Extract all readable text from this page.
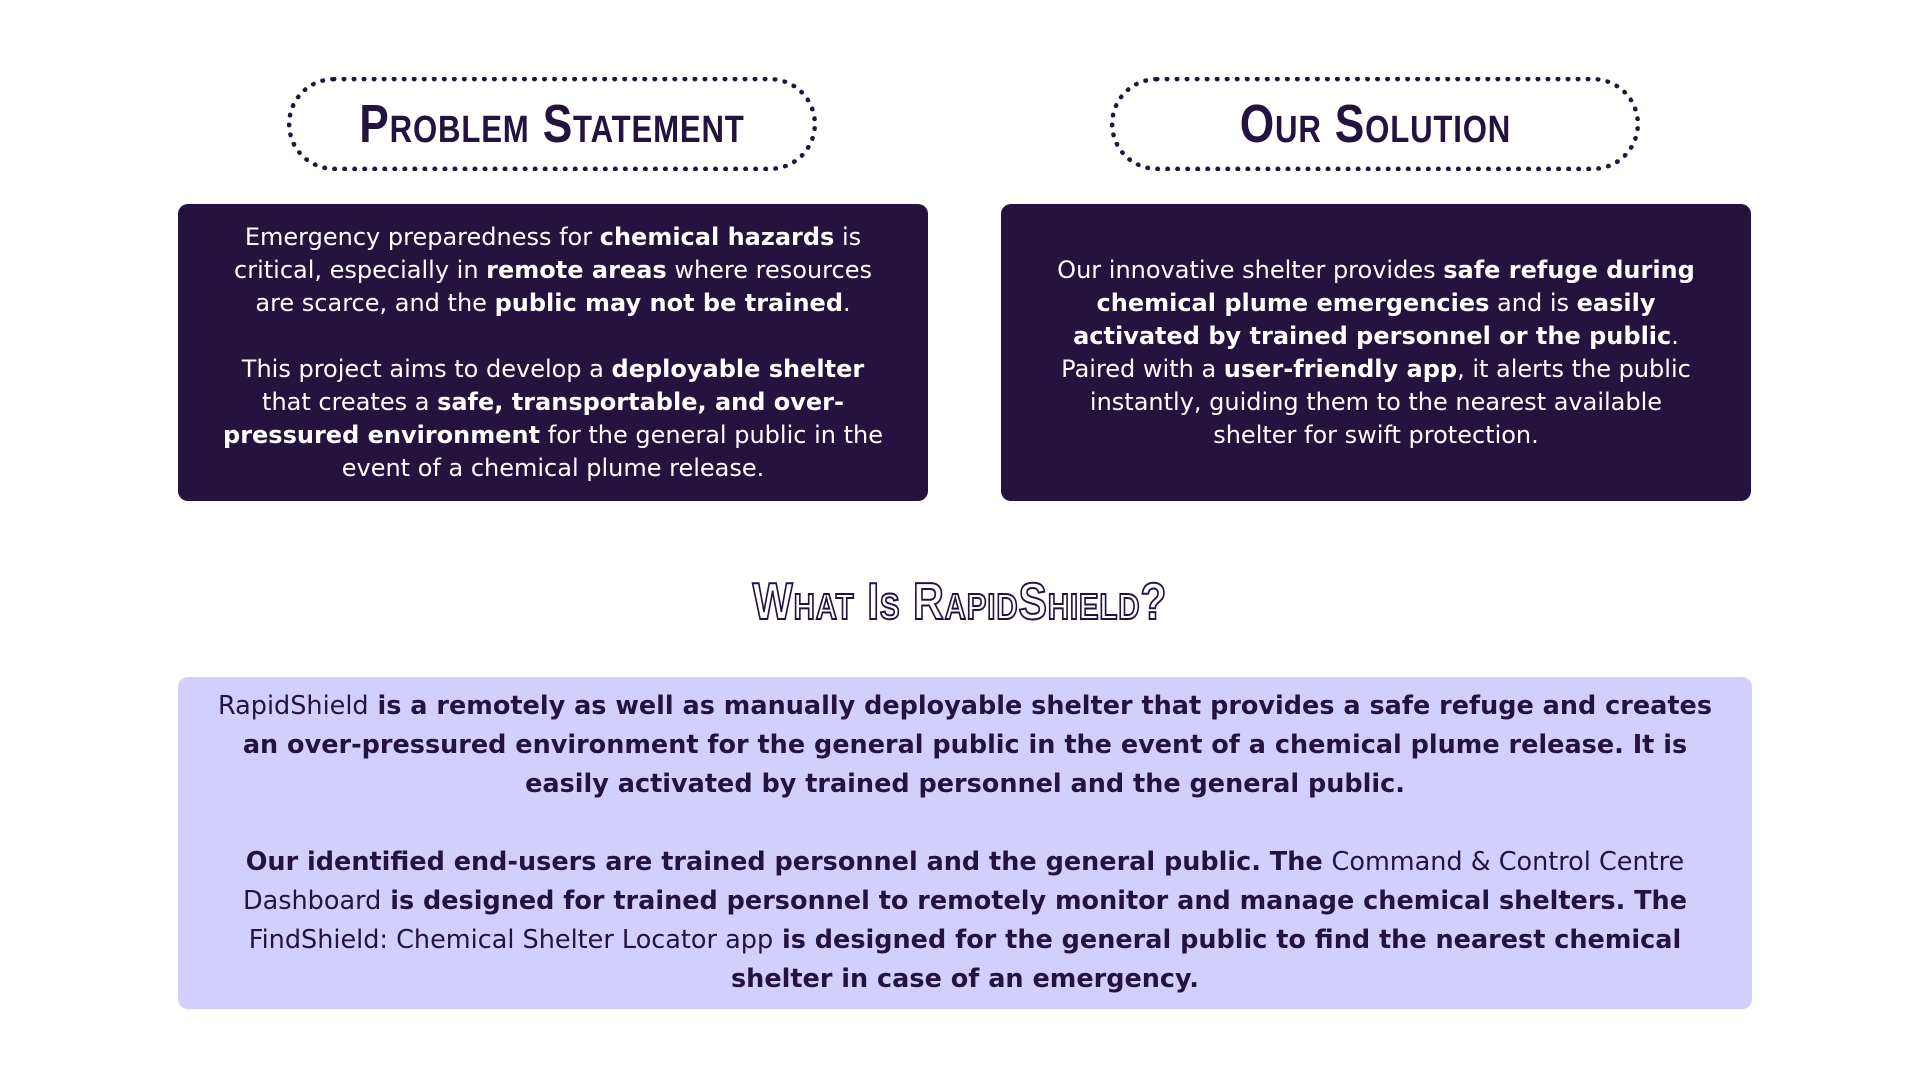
Problem Statement	Our Solution

Emergency preparedness for chemical hazards is critical, especially in remote areas where resources are scarce, and the public may not be trained.

This project aims to develop a deployable shelter that creates a safe, transportable, and over-pressured environment for the general public in the event of a chemical plume release.

Our innovative shelter provides safe refuge during chemical plume emergencies and is easily activated by trained personnel or the public. Paired with a user-friendly app, it alerts the public instantly, guiding them to the nearest available shelter for swift protection.

What Is RapidShield?

RapidShield is a remotely as well as manually deployable shelter that provides a safe refuge and creates an over-pressured environment for the general public in the event of a chemical plume release. It is easily activated by trained personnel and the general public.

Our identified end-users are trained personnel and the general public. The Command & Control Centre Dashboard is designed for trained personnel to remotely monitor and manage chemical shelters. The FindShield: Chemical Shelter Locator app is designed for the general public to find the nearest chemical shelter in case of an emergency.
